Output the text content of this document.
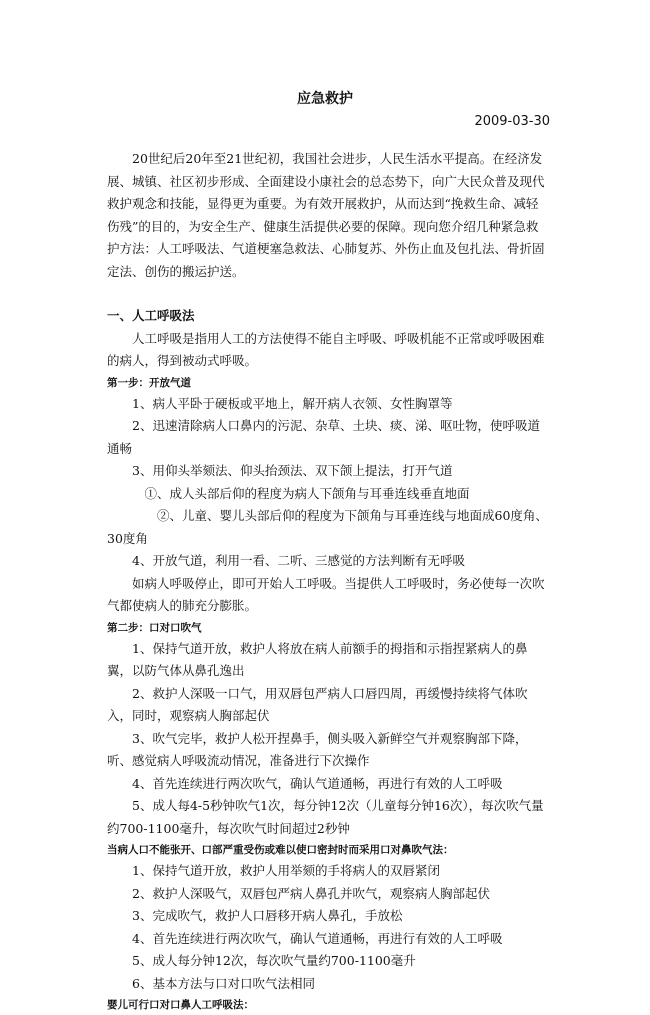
应急救护
2009-03-30

20世纪后20年至21世纪初，我国社会进步，人民生活水平提高。在经济发展、城镇、社区初步形成、全面建设小康社会的总态势下，向广大民众普及现代救护观念和技能，显得更为重要。为有效开展救护，从而达到“挽救生命、减轻伤残”的目的，为安全生产、健康生活提供必要的保障。现向您介绍几种紧急救护方法：人工呼吸法、气道梗塞急救法、心肺复苏、外伤止血及包扎法、骨折固定法、创伤的搬运护送。

一、人工呼吸法

人工呼吸是指用人工的方法使得不能自主呼吸、呼吸机能不正常或呼吸困难的病人，得到被动式呼吸。

第一步：开放气道

1、病人平卧于硬板或平地上，解开病人衣领、女性胸罩等

2、迅速清除病人口鼻内的污泥、杂草、土块、痰、涕、呕吐物，使呼吸道通畅

3、用仰头举颏法、仰头抬颈法、双下颌上提法，打开气道

①、成人头部后仰的程度为病人下颌角与耳垂连线垂直地面

②、儿童、婴儿头部后仰的程度为下颌角与耳垂连线与地面成60度角、30度角

4、开放气道，利用一看、二听、三感觉的方法判断有无呼吸

如病人呼吸停止，即可开始人工呼吸。当提供人工呼吸时，务必使每一次吹气都使病人的肺充分膨胀。

第二步：口对口吹气

1、保持气道开放，救护人将放在病人前额手的拇指和示指捏紧病人的鼻翼，以防气体从鼻孔逸出

2、救护人深吸一口气，用双唇包严病人口唇四周，再缓慢持续将气体吹入，同时，观察病人胸部起伏

3、吹气完毕，救护人松开捏鼻手，侧头吸入新鲜空气并观察胸部下降，听、感觉病人呼吸流动情况，准备进行下次操作

4、首先连续进行两次吹气，确认气道通畅，再进行有效的人工呼吸

5、成人每4-5秒钟吹气1次，每分钟12次（儿童每分钟16次），每次吹气量约700-1100毫升，每次吹气时间超过2秒钟

当病人口不能张开、口部严重受伤或难以使口密封时而采用口对鼻吹气法：

1、保持气道开放，救护人用举颏的手将病人的双唇紧闭

2、救护人深吸气，双唇包严病人鼻孔并吹气，观察病人胸部起伏

3、完成吹气，救护人口唇移开病人鼻孔，手放松

4、首先连续进行两次吹气，确认气道通畅，再进行有效的人工呼吸

5、成人每分钟12次，每次吹气量约700-1100毫升

6、基本方法与口对口吹气法相同

婴儿可行口对口鼻人工呼吸法：
